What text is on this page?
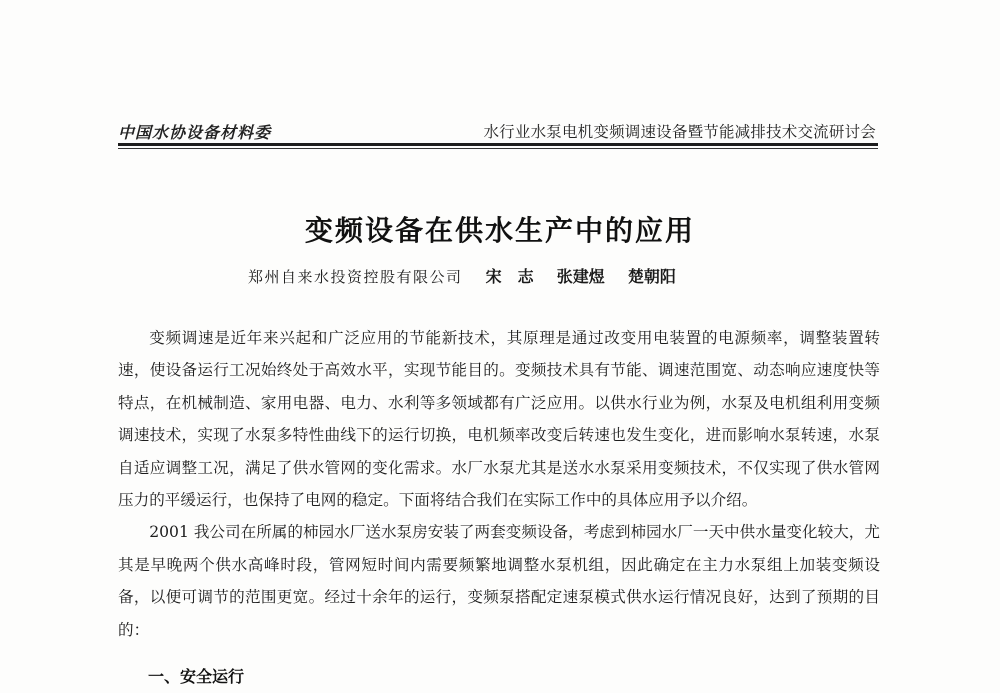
中国水协设备材料委	水行业水泵电机变频调速设备暨节能减排技术交流研讨会
变频设备在供水生产中的应用
郑州自来水投资控股有限公司 宋　志 张建煜 楚朝阳

变频调速是近年来兴起和广泛应用的节能新技术，其原理是通过改变用电装置的电源频率，调整装置转速，使设备运行工况始终处于高效水平，实现节能目的。变频技术具有节能、调速范围宽、动态响应速度快等特点，在机械制造、家用电器、电力、水利等多领域都有广泛应用。以供水行业为例，水泵及电机组利用变频调速技术，实现了水泵多特性曲线下的运行切换，电机频率改变后转速也发生变化，进而影响水泵转速，水泵自适应调整工况，满足了供水管网的变化需求。水厂水泵尤其是送水水泵采用变频技术，不仅实现了供水管网压力的平缓运行，也保持了电网的稳定。下面将结合我们在实际工作中的具体应用予以介绍。

2001 我公司在所属的柿园水厂送水泵房安装了两套变频设备，考虑到柿园水厂一天中供水量变化较大，尤其是早晚两个供水高峰时段，管网短时间内需要频繁地调整水泵机组，因此确定在主力水泵组上加装变频设备，以便可调节的范围更宽。经过十余年的运行，变频泵搭配定速泵模式供水运行情况良好，达到了预期的目的：

一、安全运行
